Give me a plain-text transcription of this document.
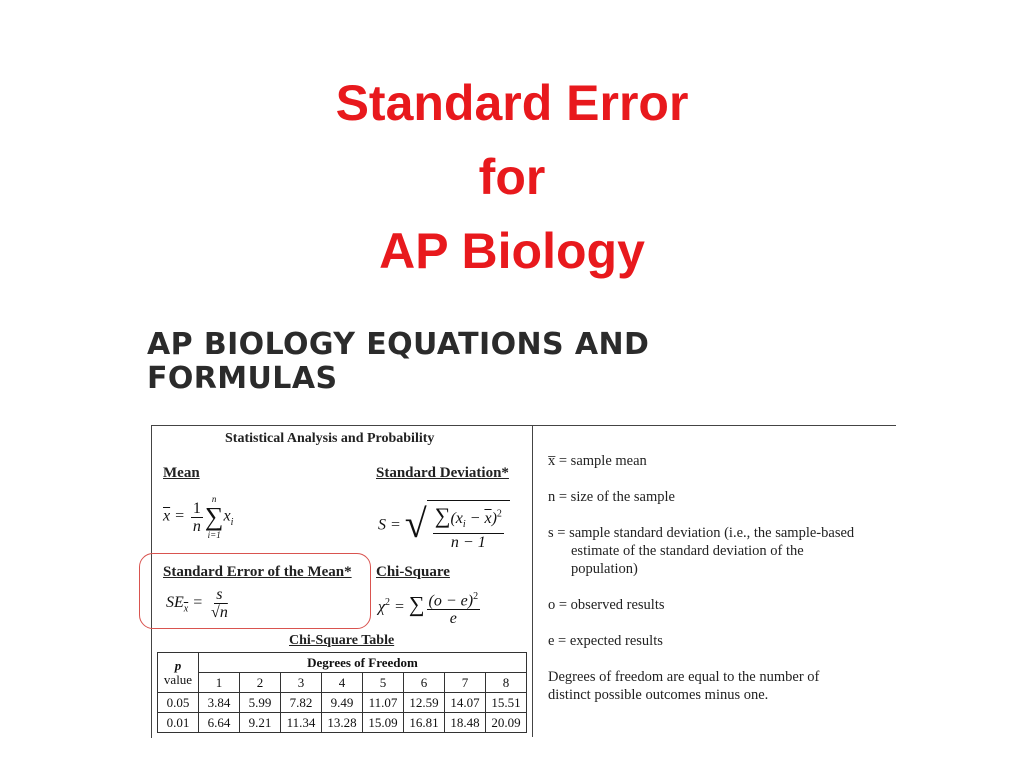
Standard Error
for
AP Biology
AP BIOLOGY EQUATIONS AND
FORMULAS
Statistical Analysis and Probability
Mean	Standard Deviation*
$\overline{x} = \frac{1}{n}$
n
∑
i=1
$x_i$	S = √ $\frac{\sum(x_i - \overline{x})^2}{n - 1}$
Standard Error of the Mean* Chi-Square
$SE_{\overline{x}} = \frac{s}{√n}$	$\chi^2$ = ∑ $\frac{(o - e)^2}{e}$
Chi-Square Table
p
value	Degrees of Freedom							
	1	2	3	4	5	6	7	8
0.05	3.84	5.99	7.82	9.49	11.07	12.59	14.07	15.51
0.01	6.64	9.21	11.34	13.28	15.09	16.81	18.48	20.09
x̅ = sample mean
n = size of the sample
s = sample standard deviation (i.e., the sample-based
estimate of the standard deviation of the
population)
o = observed results
e = expected results
Degrees of freedom are equal to the number of
distinct possible outcomes minus one.
